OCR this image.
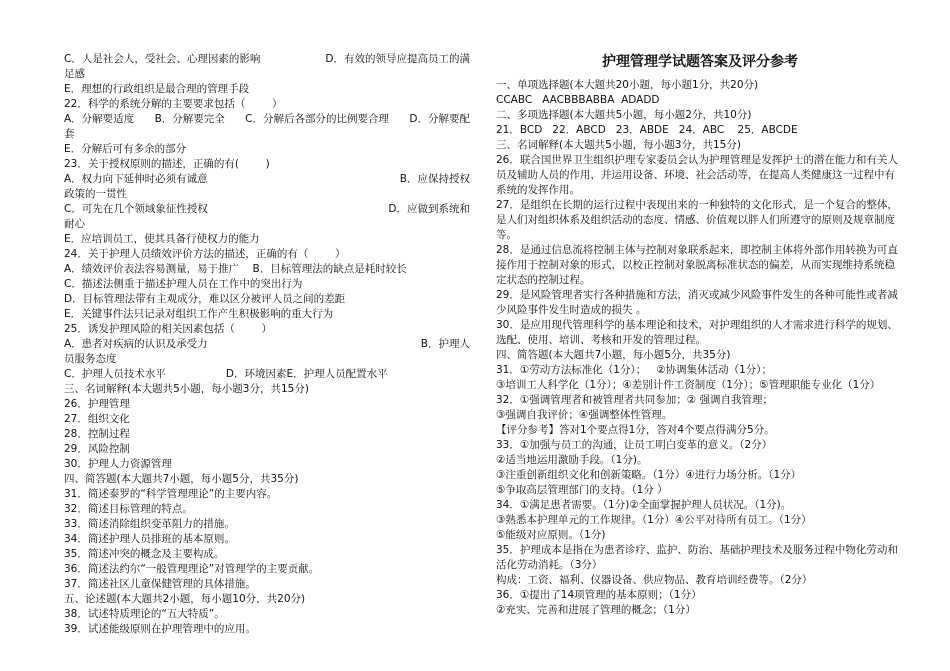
C．人是社会人，受社会、心理因素的影响	D．有效的领导应提高员工的满
足感
E．理想的行政组织是最合理的管理手段
22．科学的系统分解的主要要求包括（        ）
A．分解要适度 B．分解要完全 C．分解后各部分的比例要合理 D．分解要配
套
E．分解后可有多余的部分
23．关于授权原则的描述，正确的有(        )
A．权力向下延伸时必须有诚意	B．应保持授权
政策的一贯性
C．可先在几个领域象征性授权	D．应做到系统和
耐心
E．应培训员工，使其具备行使权力的能力
24．关于护理人员绩效评价方法的描述，正确的有（        ）
A．绩效评价表法容易测量，易于推广    B．目标管理法的缺点是耗时较长
C．描述法侧重于描述护理人员在工作中的突出行为
D．目标管理法带有主观成分，难以区分被评人员之间的差距
E．关键事件法只记录对组织工作产生积极影响的重大行为
25．诱发护理风险的相关因素包括（        ）
A．患者对疾病的认识及承受力	B．护理人
员服务态度
C．护理人员技术水平                  D．环境因素E．护理人员配置水平
三、名词解释(本大题共5小题，每小题3分，共15分)
26．护理管理
27．组织文化
28．控制过程
29．风险控制
30．护理人力资源管理
四、简答题(本大题共7小题，每小题5分，共35分)
31．简述泰罗的“科学管理理论”的主要内容。
32．简述目标管理的特点。
33．简述消除组织变革阻力的措施。
34．简述护理人员排班的基本原则。
35．简述冲突的概念及主要构成。
36．简述法约尔“一般管理理论”对管理学的主要贡献。
37．简述社区儿童保健管理的具体措施。
五、论述题(本大题共2小题，每小题10分，共20分)
38．试述特质理论的“五大特质”。
39．试述能级原则在护理管理中的应用。
护理管理学试题答案及评分参考
一、单项选择题(本大题共20小题，每小题1分，共20分)
CCABC   AACBBBABBA  ADADD
二、多项选择题(本大题共5小题，每小题2分，共10分)
21．BCD   22．ABCD   23．ABDE   24．ABC    25．ABCDE
三、名词解释(本大题共5小题，每小题3分，共15分)
26．联合国世界卫生组织护理专家委员会认为护理管理是发挥护士的潜在能力和有关人员及辅助人员的作用，并运用设备、环境、社会活动等，在提高人类健康这一过程中有系统的发挥作用。
27．是组织在长期的运行过程中表现出来的一种独特的文化形式，是一个复合的整体，是人们对组织体系及组织活动的态度、情感、价值观以胖人们所遵守的原则及规章制度等。
28．是通过信息流将控制主体与控制对象联系起来，即控制主体将外部作用转换为可直接作用于控制对象的形式，以校正控制对象脱离标准状态的偏差，从而实现维持系统稳定状态的控制过程。
29．是风险管理者实行各种措施和方法，消灭或减少风险事件发生的各种可能性或者减少风险事件发生时造成的损失 。
30．是应用现代管理科学的基本理论和技术，对护理组织的人才需求进行科学的规划、选配、使用、培训、考核和开发的管理过程。
四、简答题(本大题共7小题，每小题5分，共35分)
31．①劳动方法标准化（1分）；   ②协调集体活动（1分）；
③培训工人科学化（1分）；④差别计件工资制度（1分）；⑤管理职能专业化（1分）
32．①强调管理者和被管理者共同参加；② 强调自我管理；
③强调自我评价；④强调整体性管理。
【评分参考】答对1个要点得1分，答对4个要点得满分5分。
33．①加强与员工的沟通，让员工明白变革的意义。（2分）
②适当地运用激励手段。（1分)。
③注重创新组织文化和创新策略。（1分）④进行力场分析。（1分）
⑤争取高层管理部门的支持。（1分 ）
34．①满足患者需要。（1分)②全面掌握护理人员状况。（1分)。
③熟悉本护理单元的工作规律。（1分）④公平对待所有员工。（1分）
⑤能级对应原则。（1分)
35．护理成本是指在为患者诊疗、监护、防治、基础护理技术及服务过程中物化劳动和活化劳动消耗。（3分）
构成：工资、福利、仪器设备、供应物品、教育培训经费等。（2分）
36．①提出了14项管理的基本原则；（1分）
②充实、完善和进展了管理的概念；（1分）
